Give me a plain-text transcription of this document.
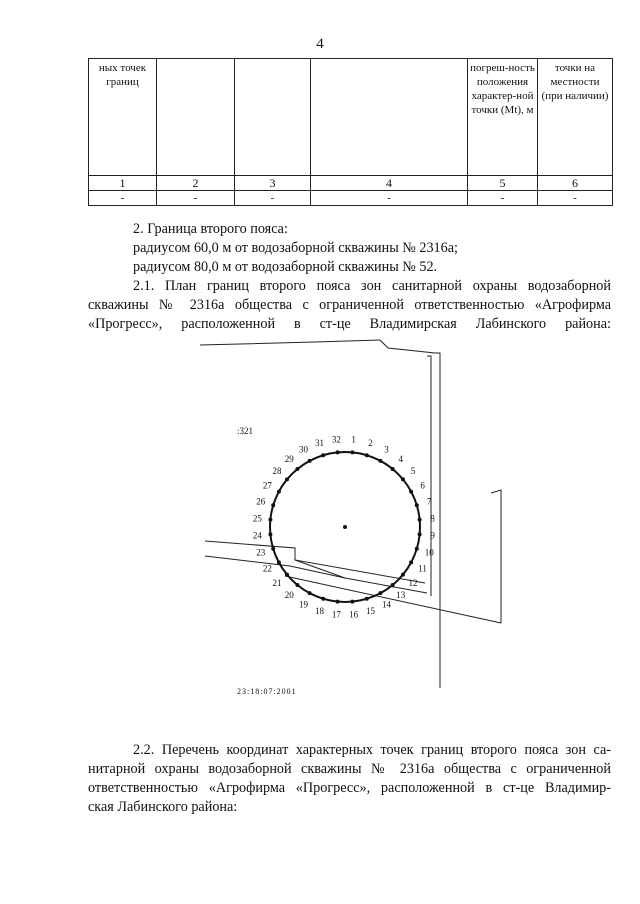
4
ных точек границ				погреш-ность положения характер-ной точки (Mt), м	точки на местности (при наличии)
1	2	3	4	5	6
-	-	-	-	-	-

2. Граница второго пояса:

радиусом 60,0 м от водозаборной скважины № 2316а;

радиусом 80,0 м от водозаборной скважины № 52.

2.1. План границ второго пояса зон санитарной охраны водозаборной

скважины № 2316а общества с ограниченной ответственностью «Агрофирма

«Прогресс», расположенной в ст-це Владимирская Лабинского района:

1 2
3
4
5
6
7
8
9
10
11
12
13
14
15
16
17
18
19
20
21
22
23
24
25
26
27
28
29
30
31 32
:321
23:18:07:2001

2.2. Перечень координат характерных точек границ второго пояса зон са-

нитарной охраны водозаборной скважины № 2316а общества с ограниченной

ответственностью «Агрофирма «Прогресс», расположенной в ст-це Владимир-

ская Лабинского района:
